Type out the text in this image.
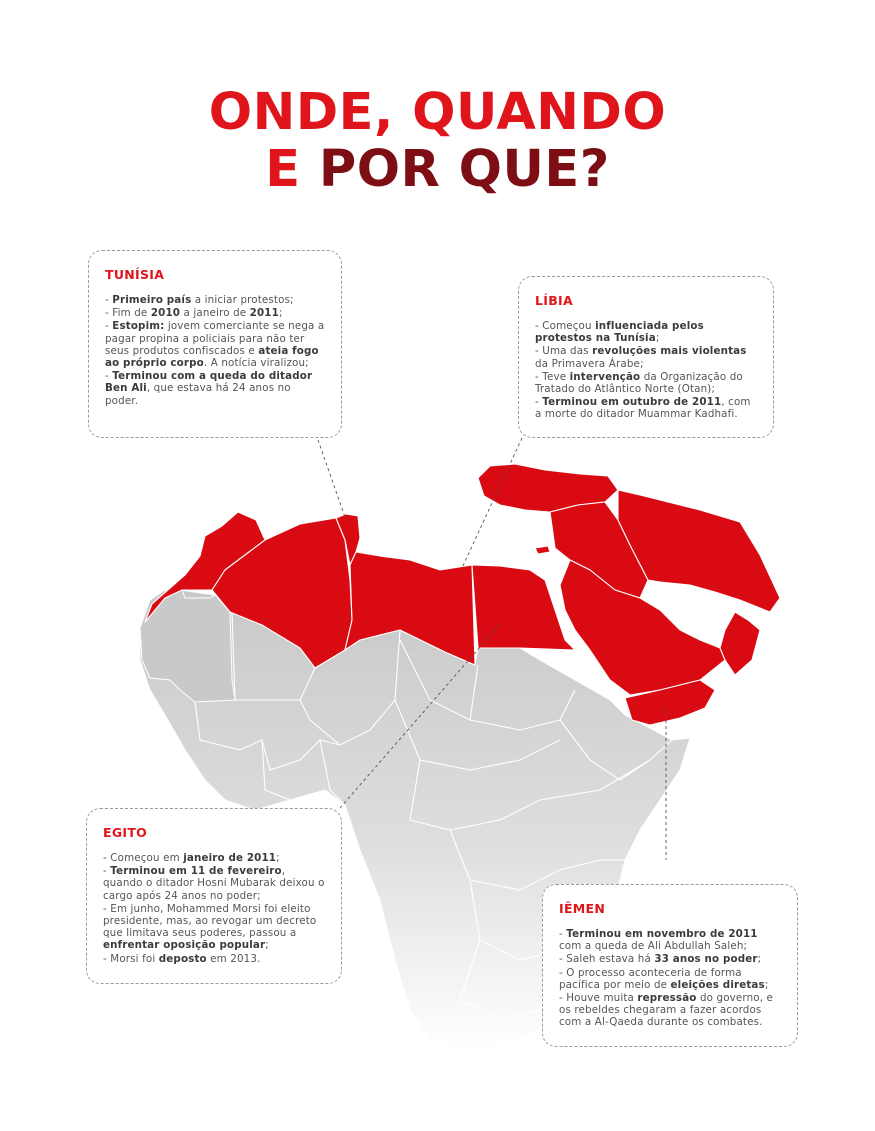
ONDE, QUANDO
E POR QUE?
TUNÍSIA
- Primeiro país a iniciar protestos;
- Fim de 2010 a janeiro de 2011;
- Estopim: jovem comerciante se nega a pagar propina a policiais para não ter seus produtos confiscados e ateia fogo ao próprio corpo. A notícia viralizou;
- Terminou com a queda do ditador Ben Ali, que estava há 24 anos no poder.
LÍBIA
- Começou influenciada pelos protestos na Tunísia;
- Uma das revoluções mais violentas da Primavera Árabe;
- Teve intervenção da Organização do Tratado do Atlântico Norte (Otan);
- Terminou em outubro de 2011, com a morte do ditador Muammar Kadhafi.
EGITO
- Começou em janeiro de 2011;
- Terminou em 11 de fevereiro, quando o ditador Hosni Mubarak deixou o cargo após 24 anos no poder;
- Em junho, Mohammed Morsi foi eleito presidente, mas, ao revogar um decreto que limitava seus poderes, passou a enfrentar oposição popular;
- Morsi foi deposto em 2013.
IÊMEN
- Terminou em novembro de 2011 com a queda de Ali Abdullah Saleh;
- Saleh estava há 33 anos no poder;
- O processo aconteceria de forma pacífica por meio de eleições diretas;
- Houve muita repressão do governo, e os rebeldes chegaram a fazer acordos com a Al-Qaeda durante os combates.
